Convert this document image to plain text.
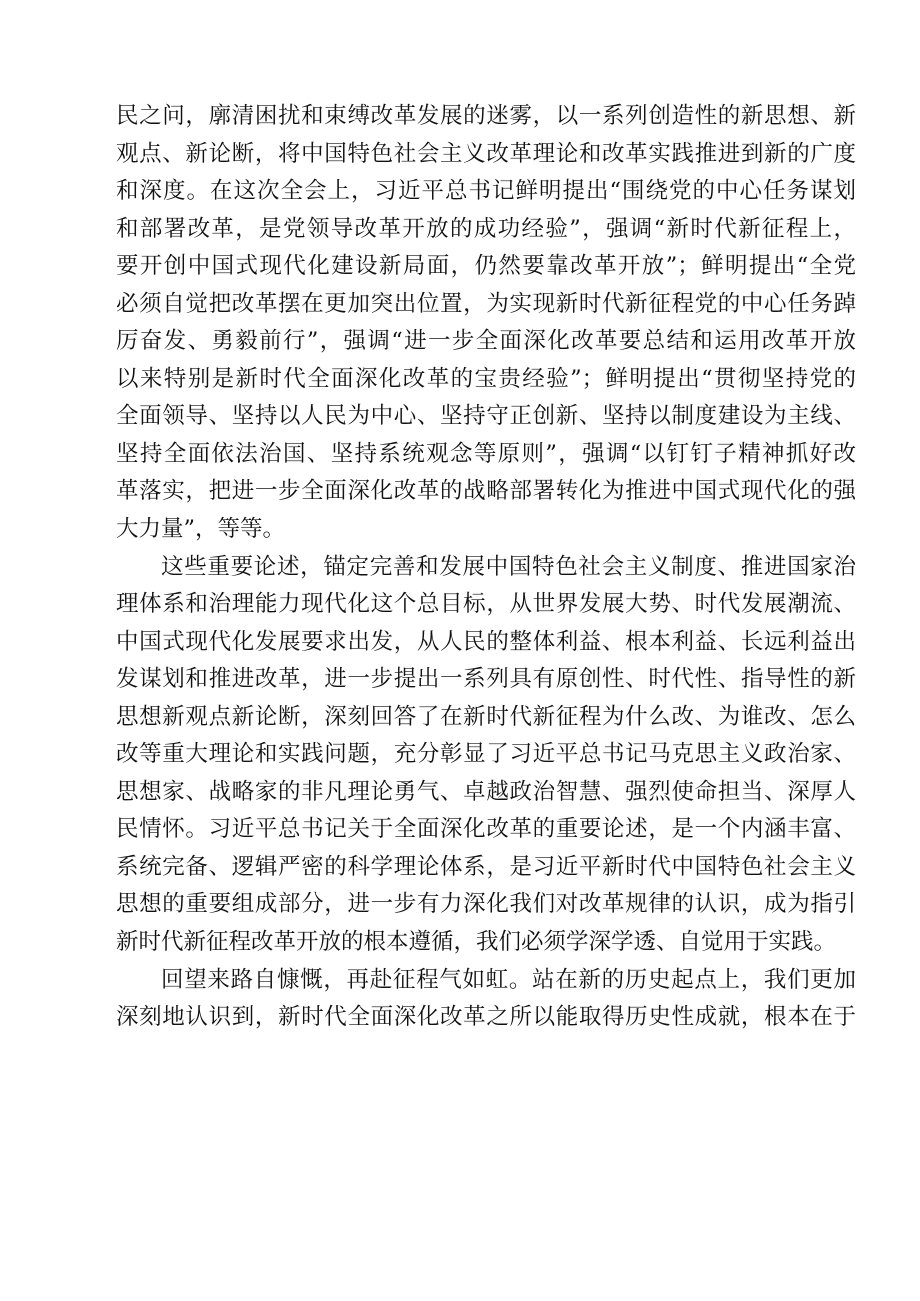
民之问，廓清困扰和束缚改革发展的迷雾，以一系列创造性的新思想、新
观点、新论断，将中国特色社会主义改革理论和改革实践推进到新的广度
和深度。在这次全会上，习近平总书记鲜明提出“围绕党的中心任务谋划
和部署改革，是党领导改革开放的成功经验”，强调“新时代新征程上，
要开创中国式现代化建设新局面，仍然要靠改革开放”；鲜明提出“全党
必须自觉把改革摆在更加突出位置，为实现新时代新征程党的中心任务踔
厉奋发、勇毅前行”，强调“进一步全面深化改革要总结和运用改革开放
以来特别是新时代全面深化改革的宝贵经验”；鲜明提出“贯彻坚持党的
全面领导、坚持以人民为中心、坚持守正创新、坚持以制度建设为主线、
坚持全面依法治国、坚持系统观念等原则”，强调“以钉钉子精神抓好改
革落实，把进一步全面深化改革的战略部署转化为推进中国式现代化的强
大力量”，等等。
这些重要论述，锚定完善和发展中国特色社会主义制度、推进国家治
理体系和治理能力现代化这个总目标，从世界发展大势、时代发展潮流、
中国式现代化发展要求出发，从人民的整体利益、根本利益、长远利益出
发谋划和推进改革，进一步提出一系列具有原创性、时代性、指导性的新
思想新观点新论断，深刻回答了在新时代新征程为什么改、为谁改、怎么
改等重大理论和实践问题，充分彰显了习近平总书记马克思主义政治家、
思想家、战略家的非凡理论勇气、卓越政治智慧、强烈使命担当、深厚人
民情怀。习近平总书记关于全面深化改革的重要论述，是一个内涵丰富、
系统完备、逻辑严密的科学理论体系，是习近平新时代中国特色社会主义
思想的重要组成部分，进一步有力深化我们对改革规律的认识，成为指引
新时代新征程改革开放的根本遵循，我们必须学深学透、自觉用于实践。
回望来路自慷慨，再赴征程气如虹。站在新的历史起点上，我们更加
深刻地认识到，新时代全面深化改革之所以能取得历史性成就，根本在于
